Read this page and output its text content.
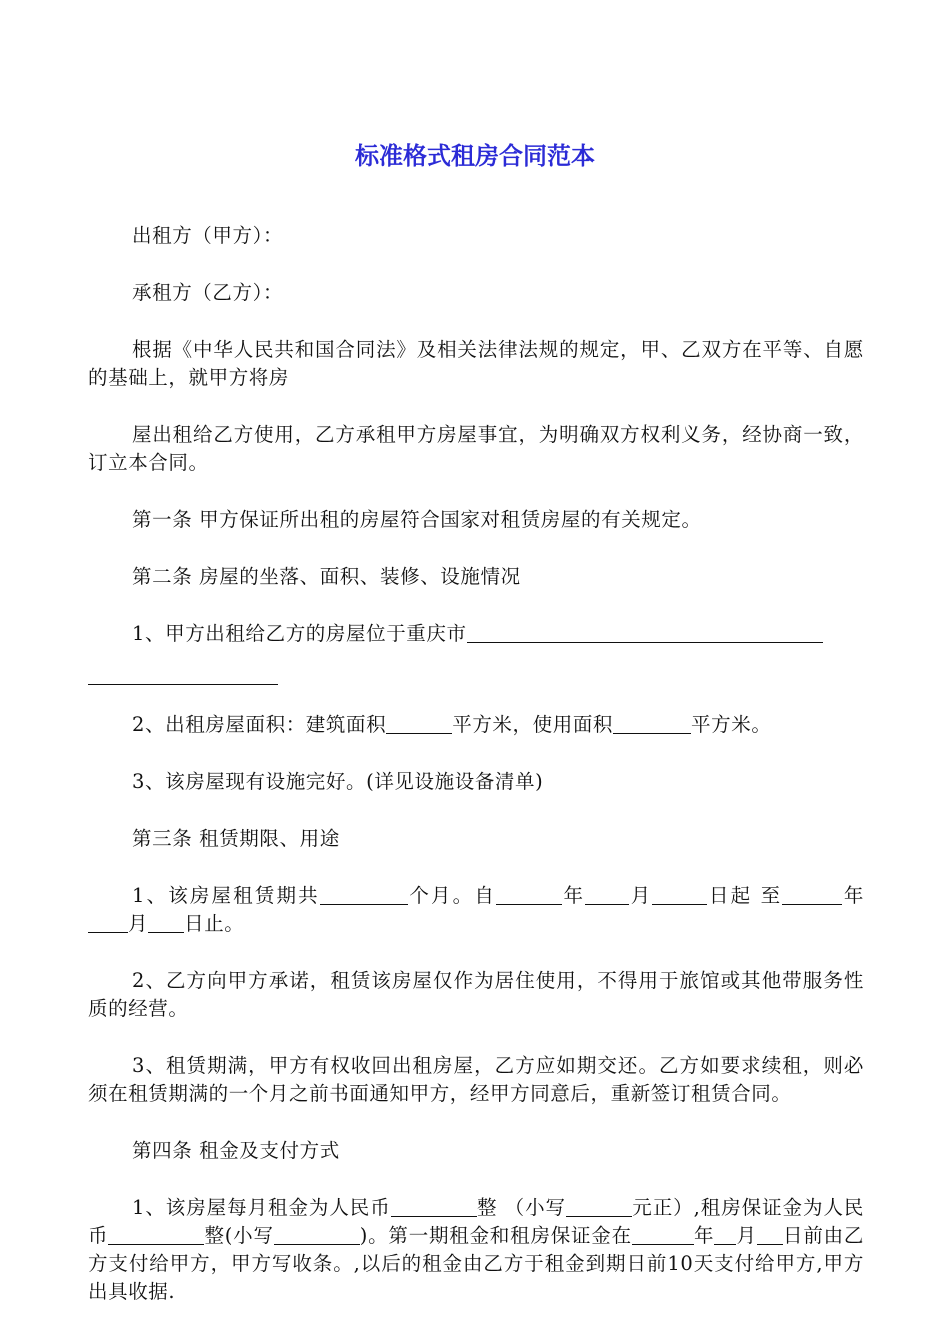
标准格式租房合同范本

出租方（甲方）：

承租方（乙方）：

根据《中华人民共和国合同法》及相关法律法规的规定，甲、乙双方在平等、自愿的基础上，就甲方将房

屋出租给乙方使用，乙方承租甲方房屋事宜，为明确双方权利义务，经协商一致，订立本合同。

第一条 甲方保证所出租的房屋符合国家对租赁房屋的有关规定。

第二条 房屋的坐落、面积、装修、设施情况

1、甲方出租给乙方的房屋位于重庆市

2、出租房屋面积：建筑面积	平方米，使用面积	平方米。

3、该房屋现有设施完好。(详见设施设备清单)

第三条 租赁期限、用途

1、该房屋租赁期共	个月。自	年 月	日起 至	年月 日止。

2、乙方向甲方承诺，租赁该房屋仅作为居住使用，不得用于旅馆或其他带服务性质的经营。

3、租赁期满，甲方有权收回出租房屋，乙方应如期交还。乙方如要求续租，则必须在租赁期满的一个月之前书面通知甲方，经甲方同意后，重新签订租赁合同。

第四条 租金及支付方式

1、该房屋每月租金为人民币	整 （小写	元正）,租房保证金为人民币	整(小写	)。第一期租金和租房保证金在	年 月 日前由乙方支付给甲方，甲方写收条。,以后的租金由乙方于租金到期日前10天支付给甲方,甲方出具收据.
